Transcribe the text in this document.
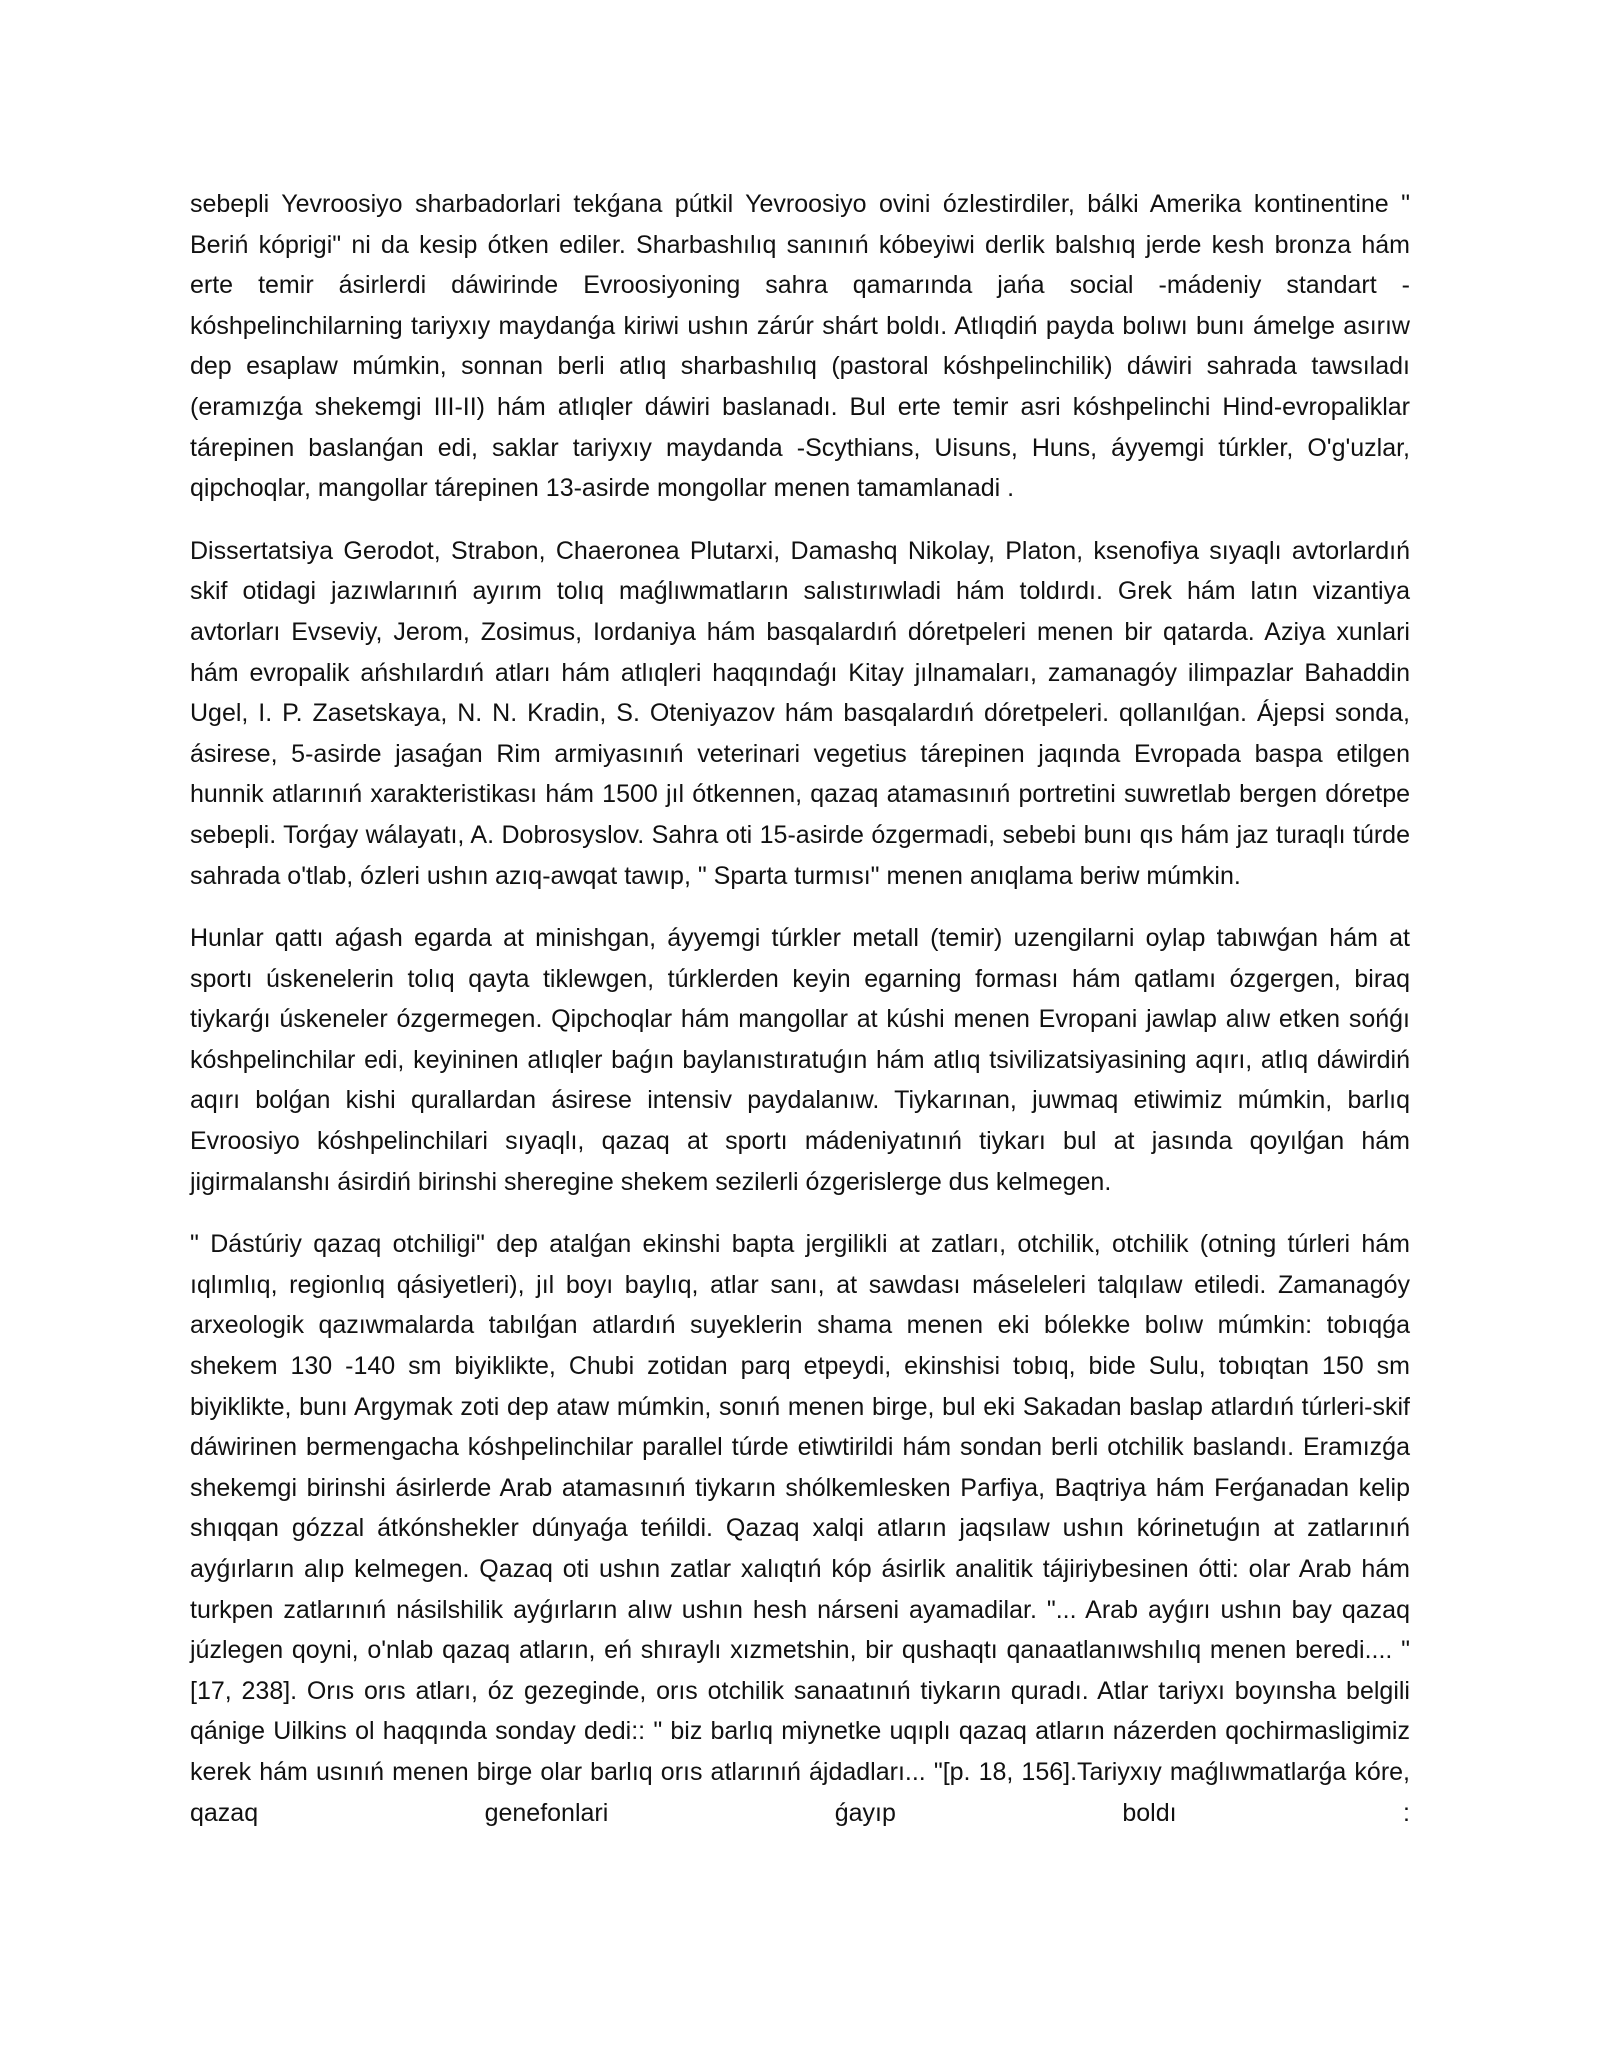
sebepli Yevroosiyo sharbadorlari tekǵana pútkil Yevroosiyo ovini ózlestirdiler, bálki Amerika kontinentine " Beriń kóprigi" ni da kesip ótken ediler. Sharbashılıq sanınıń kóbeyiwi derlik balshıq jerde kesh bronza hám erte temir ásirlerdi dáwirinde Evroosiyoning sahra qamarında jańa social -mádeniy standart -kóshpelinchilarning tariyxıy maydanǵa kiriwi ushın zárúr shárt boldı. Atlıqdiń payda bolıwı bunı ámelge asırıw dep esaplaw múmkin, sonnan berli atlıq sharbashılıq (pastoral kóshpelinchilik) dáwiri sahrada tawsıladı (eramızǵa shekemgi III-II) hám atlıqler dáwiri baslanadı. Bul erte temir asri kóshpelinchi Hind-evropaliklar tárepinen baslanǵan edi, saklar tariyxıy maydanda -Scythians, Uisuns, Huns, áyyemgi túrkler, O'g'uzlar, qipchoqlar, mangollar tárepinen 13-asirde mongollar menen tamamlanadi .

Dissertatsiya Gerodot, Strabon, Chaeronea Plutarxi, Damashq Nikolay, Platon, ksenofiya sıyaqlı avtorlardıń skif otidagi jazıwlarınıń ayırım tolıq maǵlıwmatların salıstırıwladi hám toldırdı. Grek hám latın vizantiya avtorları Evseviy, Jerom, Zosimus, Iordaniya hám basqalardıń dóretpeleri menen bir qatarda. Aziya xunlari hám evropalik ańshılardıń atları hám atlıqleri haqqındaǵı Kitay jılnamaları, zamanagóy ilimpazlar Bahaddin Ugel, I. P. Zasetskaya, N. N. Kradin, S. Oteniyazov hám basqalardıń dóretpeleri. qollanılǵan. Ájepsi sonda, ásirese, 5-asirde jasaǵan Rim armiyasınıń veterinari vegetius tárepinen jaqında Evropada baspa etilgen hunnik atlarınıń xarakteristikası hám 1500 jıl ótkennen, qazaq atamasınıń portretini suwretlab bergen dóretpe sebepli. Torǵay wálayatı, A. Dobrosyslov. Sahra oti 15-asirde ózgermadi, sebebi bunı qıs hám jaz turaqlı túrde sahrada o'tlab, ózleri ushın azıq-awqat tawıp, " Sparta turmısı" menen anıqlama beriw múmkin.

Hunlar qattı aǵash egarda at minishgan, áyyemgi túrkler metall (temir) uzengilarni oylap tabıwǵan hám at sportı úskenelerin tolıq qayta tiklewgen, túrklerden keyin egarning forması hám qatlamı ózgergen, biraq tiykarǵı úskeneler ózgermegen. Qipchoqlar hám mangollar at kúshi menen Evropani jawlap alıw etken sońǵı kóshpelinchilar edi, keyininen atlıqler baǵın baylanıstıratuǵın hám atlıq tsivilizatsiyasining aqırı, atlıq dáwirdiń aqırı bolǵan kishi qurallardan ásirese intensiv paydalanıw. Tiykarınan, juwmaq etiwimiz múmkin, barlıq Evroosiyo kóshpelinchilari sıyaqlı, qazaq at sportı mádeniyatınıń tiykarı bul at jasında qoyılǵan hám jigirmalanshı ásirdiń birinshi sheregine shekem sezilerli ózgerislerge dus kelmegen.

" Dástúriy qazaq otchiligi" dep atalǵan ekinshi bapta jergilikli at zatları, otchilik, otchilik (otning túrleri hám ıqlımlıq, regionlıq qásiyetleri), jıl boyı baylıq, atlar sanı, at sawdası máseleleri talqılaw etiledi. Zamanagóy arxeologik qazıwmalarda tabılǵan atlardıń suyeklerin shama menen eki bólekke bolıw múmkin: tobıqǵa shekem 130 -140 sm biyiklikte, Chubi zotidan parq etpeydi, ekinshisi tobıq, bide Sulu, tobıqtan 150 sm biyiklikte, bunı Argymak zoti dep ataw múmkin, sonıń menen birge, bul eki Sakadan baslap atlardıń túrleri-skif dáwirinen bermengacha kóshpelinchilar parallel túrde etiwtirildi hám sondan berli otchilik baslandı. Eramızǵa shekemgi birinshi ásirlerde Arab atamasınıń tiykarın shólkemlesken Parfiya, Baqtriya hám Ferǵanadan kelip shıqqan gózzal átkónshekler dúnyaǵa teńildi. Qazaq xalqi atların jaqsılaw ushın kórinetuǵın at zatlarınıń ayǵırların alıp kelmegen. Qazaq oti ushın zatlar xalıqtıń kóp ásirlik analitik tájiriybesinen ótti: olar Arab hám turkpen zatlarınıń násilshilik ayǵırların alıw ushın hesh nárseni ayamadilar. "... Arab ayǵırı ushın bay qazaq júzlegen qoyni, o'nlab qazaq atların, eń shıraylı xızmetshin, bir qushaqtı qanaatlanıwshılıq menen beredi.... " [17, 238]. Orıs orıs atları, óz gezeginde, orıs otchilik sanaatınıń tiykarın quradı. Atlar tariyxı boyınsha belgili qánige Uilkins ol haqqında sonday dedi:: " biz barlıq miynetke uqıplı qazaq atların názerden qochirmasligimiz kerek hám usınıń menen birge olar barlıq orıs atlarınıń ájdadları... "[p. 18, 156].Tariyxıy maǵlıwmatlarǵa kóre, qazaq genefonlari ǵayıp boldı :
